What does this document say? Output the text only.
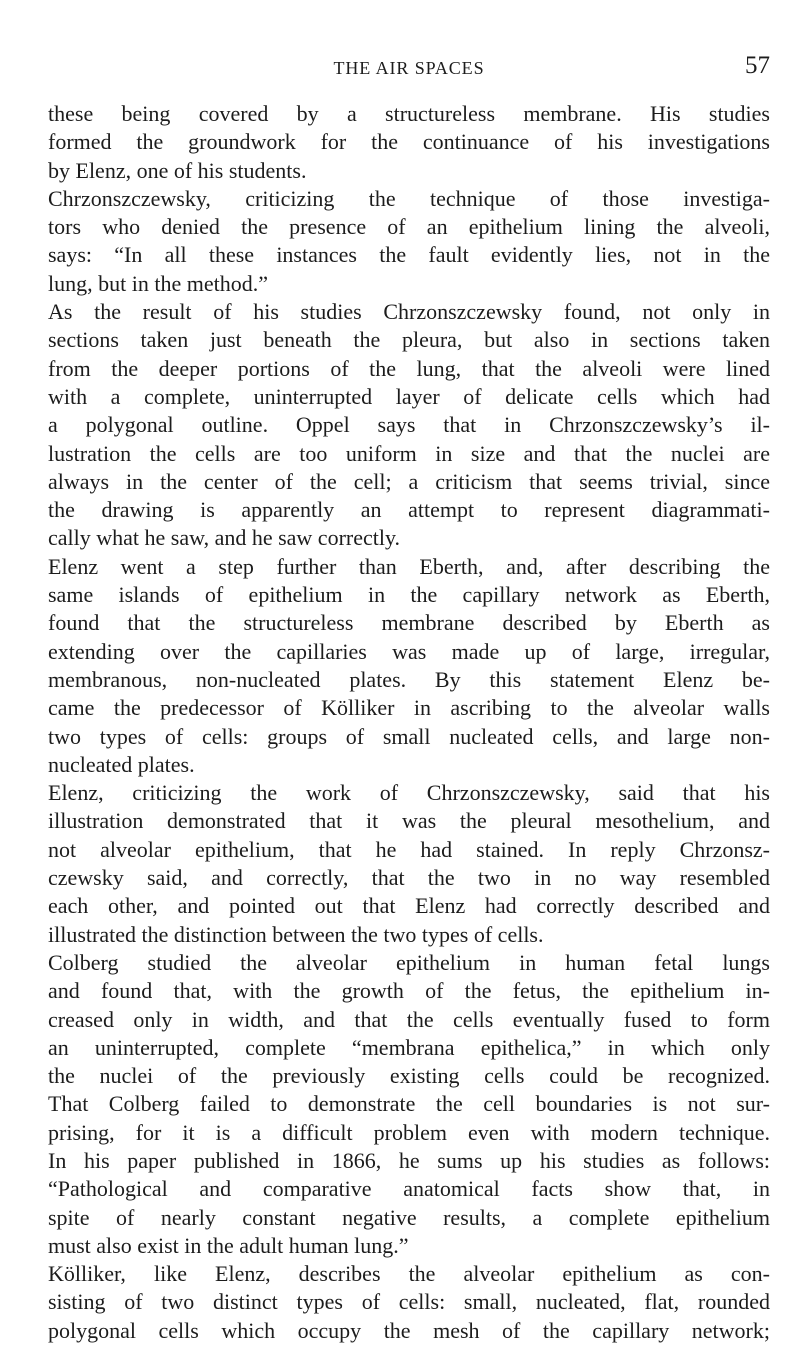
THE AIR SPACES	57
these being covered by a structureless membrane. His studies
formed the groundwork for the continuance of his investigations
by Elenz, one of his students.
Chrzonszczewsky, criticizing the technique of those investiga-
tors who denied the presence of an epithelium lining the alveoli,
says: “In all these instances the fault evidently lies, not in the
lung, but in the method.”
As the result of his studies Chrzonszczewsky found, not only in
sections taken just beneath the pleura, but also in sections taken
from the deeper portions of the lung, that the alveoli were lined
with a complete, uninterrupted layer of delicate cells which had
a polygonal outline. Oppel says that in Chrzonszczewsky’s il-
lustration the cells are too uniform in size and that the nuclei are
always in the center of the cell; a criticism that seems trivial, since
the drawing is apparently an attempt to represent diagrammati-
cally what he saw, and he saw correctly.
Elenz went a step further than Eberth, and, after describing the
same islands of epithelium in the capillary network as Eberth,
found that the structureless membrane described by Eberth as
extending over the capillaries was made up of large, irregular,
membranous, non-nucleated plates. By this statement Elenz be-
came the predecessor of Kölliker in ascribing to the alveolar walls
two types of cells: groups of small nucleated cells, and large non-
nucleated plates.
Elenz, criticizing the work of Chrzonszczewsky, said that his
illustration demonstrated that it was the pleural mesothelium, and
not alveolar epithelium, that he had stained. In reply Chrzonsz-
czewsky said, and correctly, that the two in no way resembled
each other, and pointed out that Elenz had correctly described and
illustrated the distinction between the two types of cells.
Colberg studied the alveolar epithelium in human fetal lungs
and found that, with the growth of the fetus, the epithelium in-
creased only in width, and that the cells eventually fused to form
an uninterrupted, complete “membrana epithelica,” in which only
the nuclei of the previously existing cells could be recognized.
That Colberg failed to demonstrate the cell boundaries is not sur-
prising, for it is a difficult problem even with modern technique.
In his paper published in 1866, he sums up his studies as follows:
“Pathological and comparative anatomical facts show that, in
spite of nearly constant negative results, a complete epithelium
must also exist in the adult human lung.”
Kölliker, like Elenz, describes the alveolar epithelium as con-
sisting of two distinct types of cells: small, nucleated, flat, rounded
polygonal cells which occupy the mesh of the capillary network;
